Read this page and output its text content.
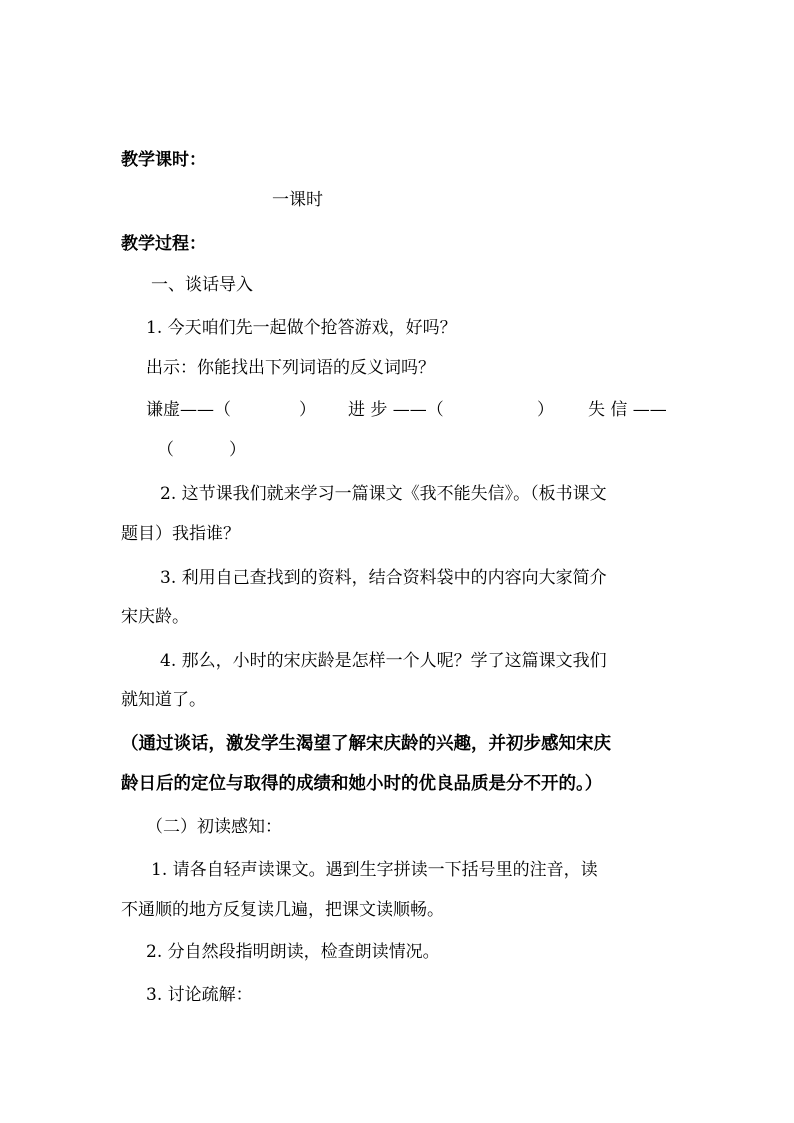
教学课时：
一课时
教学过程：
一、谈话导入
1. 今天咱们先一起做个抢答游戏，好吗？
出示：你能找出下列词语的反义词吗？
谦虚——（	） 进 步 ——（	） 失 信 ——
（	）
2. 这节课我们就来学习一篇课文《我不能失信》。（板书课文
题目）我指谁？
3. 利用自己查找到的资料，结合资料袋中的内容向大家简介
宋庆龄。
4. 那么，小时的宋庆龄是怎样一个人呢？学了这篇课文我们
就知道了。
（通过谈话，激发学生渴望了解宋庆龄的兴趣，并初步感知宋庆
龄日后的定位与取得的成绩和她小时的优良品质是分不开的。）
（二）初读感知：
1. 请各自轻声读课文。遇到生字拼读一下括号里的注音，读
不通顺的地方反复读几遍，把课文读顺畅。
2. 分自然段指明朗读，检查朗读情况。
3. 讨论疏解：
